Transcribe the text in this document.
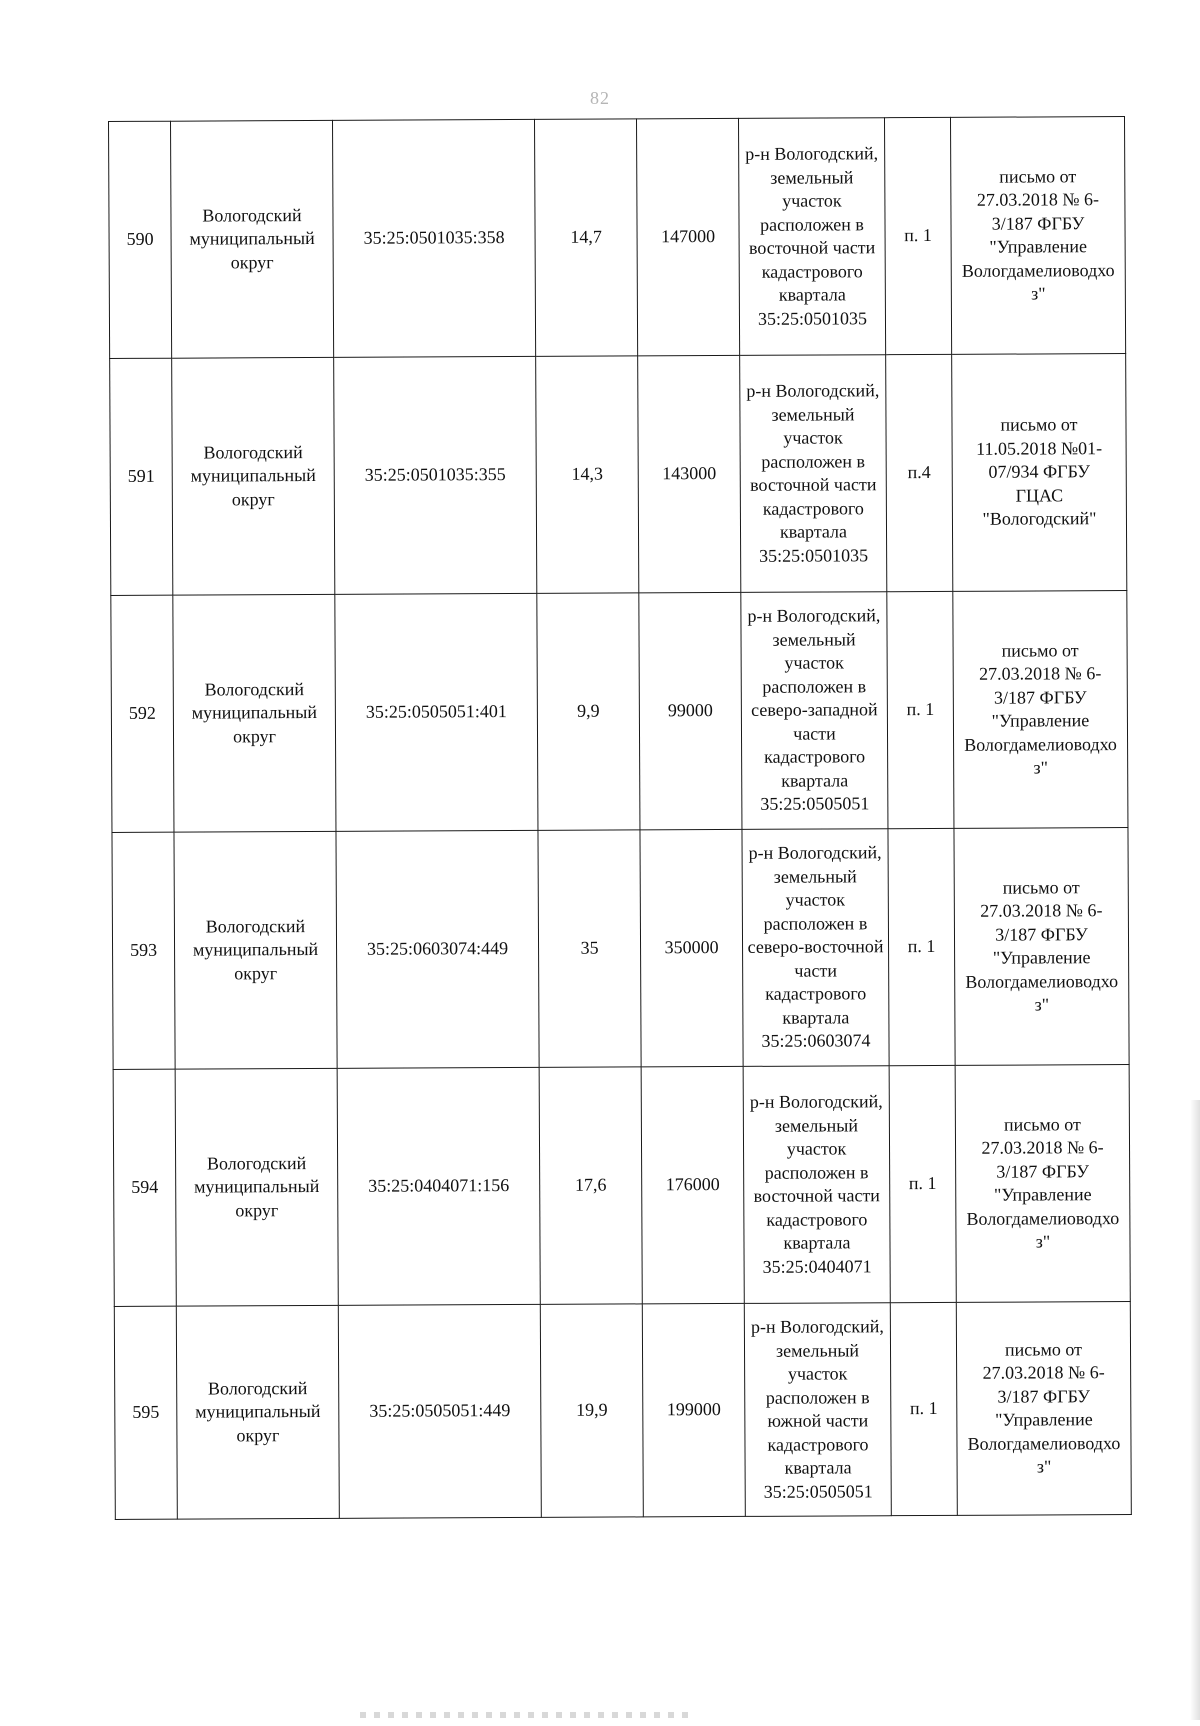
82
590	Вологодский муниципальный округ	35:25:0501035:358	14,7	147000	р-н Вологодский, земельный участок расположен в восточной части кадастрового квартала 35:25:0501035	п. 1	письмо от 27.03.2018 № 6-3/187 ФГБУ "Управление Вологдамелиоводхоз"
591	Вологодский муниципальный округ	35:25:0501035:355	14,3	143000	р-н Вологодский, земельный участок расположен в восточной части кадастрового квартала 35:25:0501035	п.4	письмо от 11.05.2018 №01-07/934 ФГБУ ГЦАС "Вологодский"
592	Вологодский муниципальный округ	35:25:0505051:401	9,9	99000	р-н Вологодский, земельный участок расположен в северо-западной части кадастрового квартала 35:25:0505051	п. 1	письмо от 27.03.2018 № 6-3/187 ФГБУ "Управление Вологдамелиоводхоз"
593	Вологодский муниципальный округ	35:25:0603074:449	35	350000	р-н Вологодский, земельный участок расположен в северо-восточной части кадастрового квартала 35:25:0603074	п. 1	письмо от 27.03.2018 № 6-3/187 ФГБУ "Управление Вологдамелиоводхоз"
594	Вологодский муниципальный округ	35:25:0404071:156	17,6	176000	р-н Вологодский, земельный участок расположен в восточной части кадастрового квартала 35:25:0404071	п. 1	письмо от 27.03.2018 № 6-3/187 ФГБУ "Управление Вологдамелиоводхоз"
595	Вологодский муниципальный округ	35:25:0505051:449	19,9	199000	р-н Вологодский, земельный участок расположен в южной части кадастрового квартала 35:25:0505051	п. 1	письмо от 27.03.2018 № 6-3/187 ФГБУ "Управление Вологдамелиоводхоз"
